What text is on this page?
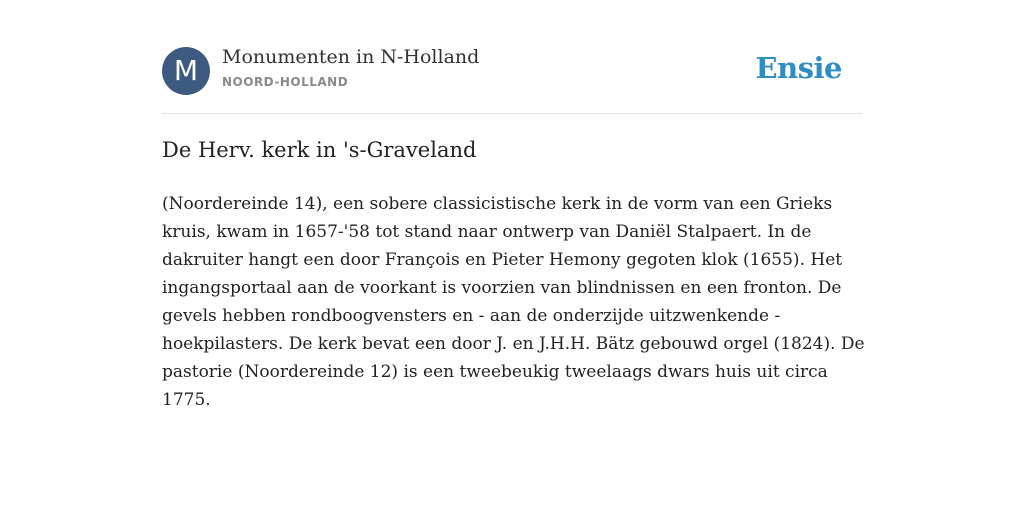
M	Monumenten in N-Holland
NOORD-HOLLAND	Ensie
De Herv. kerk in 's-Graveland

(Noordereinde 14), een sobere classicistische kerk in de vorm van een Grieks
kruis, kwam in 1657-'58 tot stand naar ontwerp van Daniël Stalpaert. In de
dakruiter hangt een door François en Pieter Hemony gegoten klok (1655). Het
ingangsportaal aan de voorkant is voorzien van blindnissen en een fronton. De
gevels hebben rondboogvensters en - aan de onderzijde uitzwenkende -
hoekpilasters. De kerk bevat een door J. en J.H.H. Bätz gebouwd orgel (1824). De
pastorie (Noordereinde 12) is een tweebeukig tweelaags dwars huis uit circa
1775.
